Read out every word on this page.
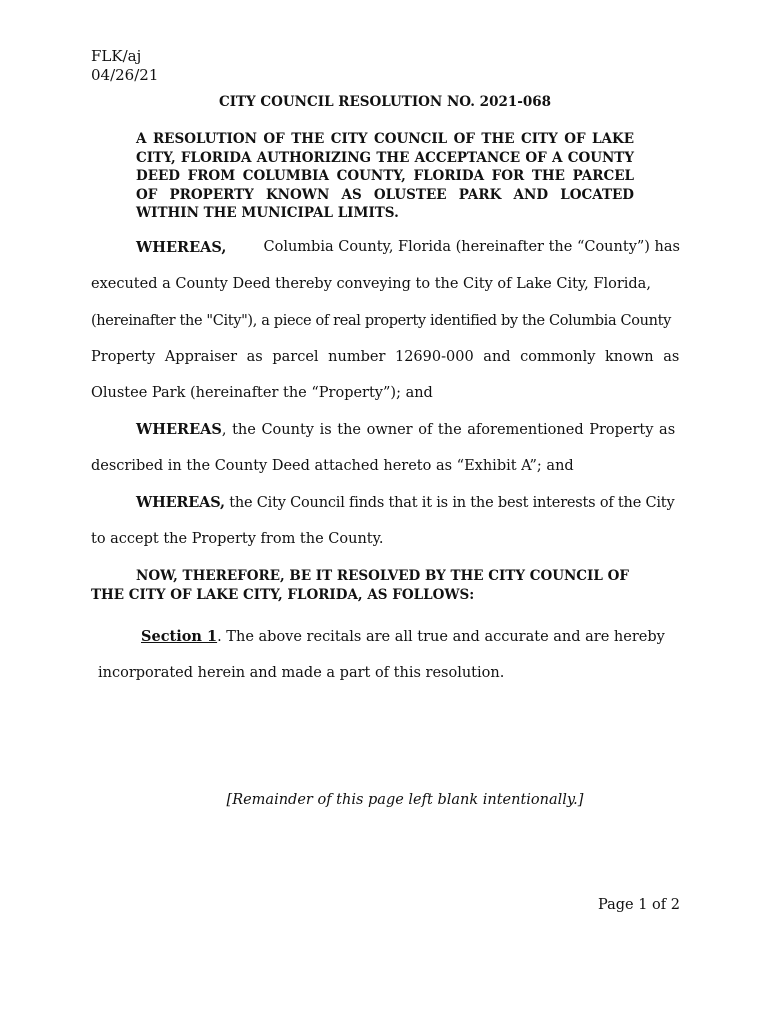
FLK/aj
04/26/21
CITY COUNCIL RESOLUTION NO. 2021-068
A RESOLUTION OF THE CITY COUNCIL OF THE CITY OF LAKE CITY, FLORIDA AUTHORIZING THE ACCEPTANCE OF A COUNTY DEED FROM COLUMBIA COUNTY, FLORIDA FOR THE PARCEL OF PROPERTY KNOWN AS OLUSTEE PARK AND LOCATED WITHIN THE MUNICIPAL LIMITS.
WHEREAS,	Columbia County, Florida (hereinafter the “County”) has
executed a County Deed thereby conveying to the City of Lake City, Florida,
(hereinafter the "City"), a piece of real property identified by the Columbia County
Property Appraiser as parcel number 12690-000 and commonly known as
Olustee Park (hereinafter the “Property”); and
WHEREAS, the County is the owner of the aforementioned Property as
described in the County Deed attached hereto as “Exhibit A”; and
WHEREAS, the City Council finds that it is in the best interests of the City
to accept the Property from the County.
NOW, THEREFORE, BE IT RESOLVED BY THE CITY COUNCIL OF
THE CITY OF LAKE CITY, FLORIDA, AS FOLLOWS:
Section 1. The above recitals are all true and accurate and are hereby
incorporated herein and made a part of this resolution.
[Remainder of this page left blank intentionally.]
Page 1 of 2
